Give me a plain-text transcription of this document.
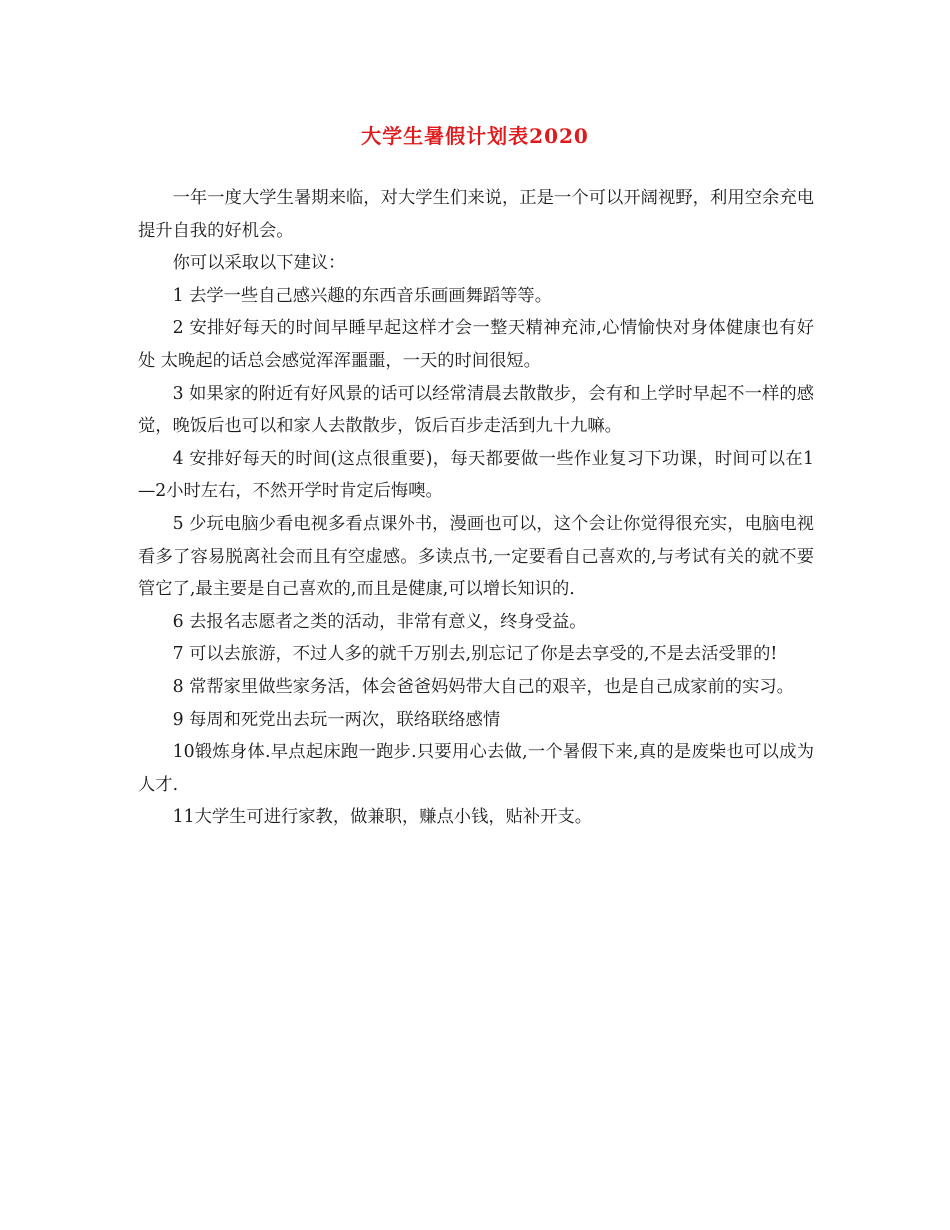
大学生暑假计划表2020

一年一度大学生暑期来临，对大学生们来说，正是一个可以开阔视野，利用空余充电提升自我的好机会。

你可以采取以下建议：

1 去学一些自己感兴趣的东西音乐画画舞蹈等等。

2 安排好每天的时间早睡早起这样才会一整天精神充沛,心情愉快对身体健康也有好处 太晚起的话总会感觉浑浑噩噩，一天的时间很短。

3 如果家的附近有好风景的话可以经常清晨去散散步，会有和上学时早起不一样的感觉，晚饭后也可以和家人去散散步，饭后百步走活到九十九嘛。

4 安排好每天的时间(这点很重要)，每天都要做一些作业复习下功课，时间可以在1—2小时左右，不然开学时肯定后悔噢。

5 少玩电脑少看电视多看点课外书，漫画也可以，这个会让你觉得很充实，电脑电视看多了容易脱离社会而且有空虚感。多读点书,一定要看自己喜欢的,与考试有关的就不要管它了,最主要是自己喜欢的,而且是健康,可以增长知识的.

6 去报名志愿者之类的活动，非常有意义，终身受益。

7 可以去旅游，不过人多的就千万别去,别忘记了你是去享受的,不是去活受罪的!

8 常帮家里做些家务活，体会爸爸妈妈带大自己的艰辛，也是自己成家前的实习。

9 每周和死党出去玩一两次，联络联络感情

10锻炼身体.早点起床跑一跑步.只要用心去做,一个暑假下来,真的是废柴也可以成为人才.

11大学生可进行家教，做兼职，赚点小钱，贴补开支。
